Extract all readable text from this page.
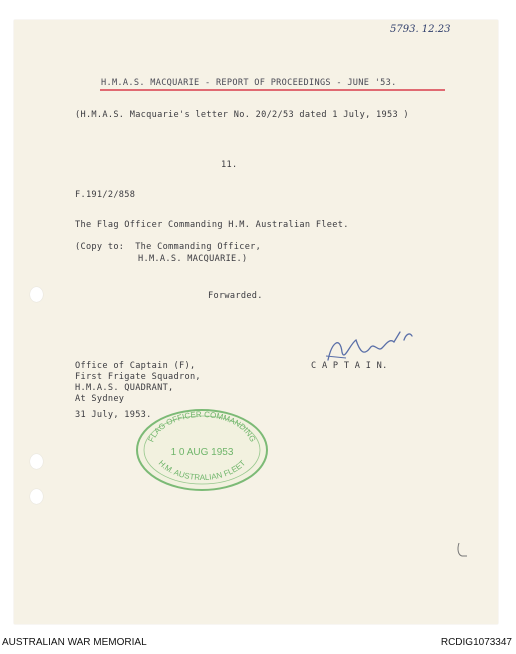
5793. 12.23
H.M.A.S. MACQUARIE - REPORT OF PROCEEDINGS - JUNE '53.
(H.M.A.S. Macquarie's letter No. 20/2/53 dated 1 July, 1953 )
11.
F.191/2/858
The Flag Officer Commanding H.M. Australian Fleet.
(Copy to:  The Commanding Officer,
H.M.A.S. MACQUARIE.)
Forwarded.
Office of Captain (F),
First Frigate Squadron,
H.M.A.S. QUADRANT,
At Sydney
31 July, 1953.
C A P T A I N.
FLAG OFFICER COMMANDING
1 0 AUG 1953
H.M. AUSTRALIAN FLEET
AUSTRALIAN WAR MEMORIAL	RCDIG1073347
